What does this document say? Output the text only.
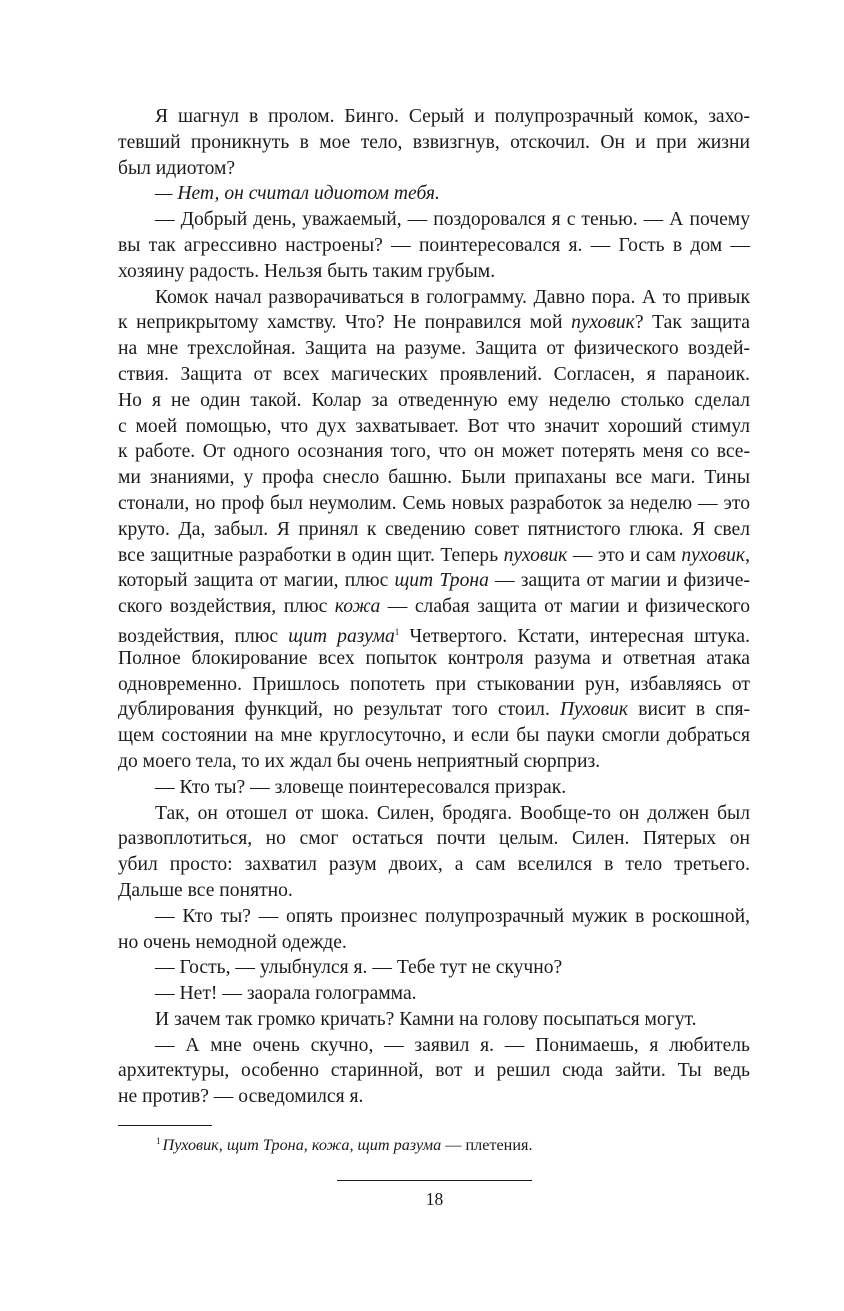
Я шагнул в пролом. Бинго. Серый и полупрозрачный комок, захо-
тевший проникнуть в мое тело, взвизгнув, отскочил. Он и при жизни
был идиотом?
— Нет, он считал идиотом тебя.
— Добрый день, уважаемый, — поздоровался я с тенью. — А почему
вы так агрессивно настроены? — поинтересовался я. — Гость в дом —
хозяину радость. Нельзя быть таким грубым.
Комок начал разворачиваться в голограмму. Давно пора. А то привык
к неприкрытому хамству. Что? Не понравился мой пуховик? Так защита
на мне трехслойная. Защита на разуме. Защита от физического воздей-
ствия. Защита от всех магических проявлений. Согласен, я параноик.
Но я не один такой. Колар за отведенную ему неделю столько сделал
с моей помощью, что дух захватывает. Вот что значит хороший стимул
к работе. От одного осознания того, что он может потерять меня со все-
ми знаниями, у профа снесло башню. Были припаханы все маги. Тины
стонали, но проф был неумолим. Семь новых разработок за неделю — это
круто. Да, забыл. Я принял к сведению совет пятнистого глюка. Я свел
все защитные разработки в один щит. Теперь пуховик — это и сам пуховик,
который защита от магии, плюс щит Трона — защита от магии и физиче-
ского воздействия, плюс кожа — слабая защита от магии и физического
воздействия, плюс щит разума$^1$ Четвертого. Кстати, интересная штука.
Полное блокирование всех попыток контроля разума и ответная атака
одновременно. Пришлось попотеть при стыковании рун, избавляясь от
дублирования функций, но результат того стоил. Пуховик висит в спя-
щем состоянии на мне круглосуточно, и если бы пауки смогли добраться
до моего тела, то их ждал бы очень неприятный сюрприз.
— Кто ты? — зловеще поинтересовался призрак.
Так, он отошел от шока. Силен, бродяга. Вообще-то он должен был
развоплотиться, но смог остаться почти целым. Силен. Пятерых он
убил просто: захватил разум двоих, а сам вселился в тело третьего.
Дальше все понятно.
— Кто ты? — опять произнес полупрозрачный мужик в роскошной,
но очень немодной одежде.
— Гость, — улыбнулся я. — Тебе тут не скучно?
— Нет! — заорала голограмма.
И зачем так громко кричать? Камни на голову посыпаться могут.
— А мне очень скучно, — заявил я. — Понимаешь, я любитель
архитектуры, особенно старинной, вот и решил сюда зайти. Ты ведь
не против? — осведомился я.
$^1$ Пуховик, щит Трона, кожа, щит разума — плетения.
18
